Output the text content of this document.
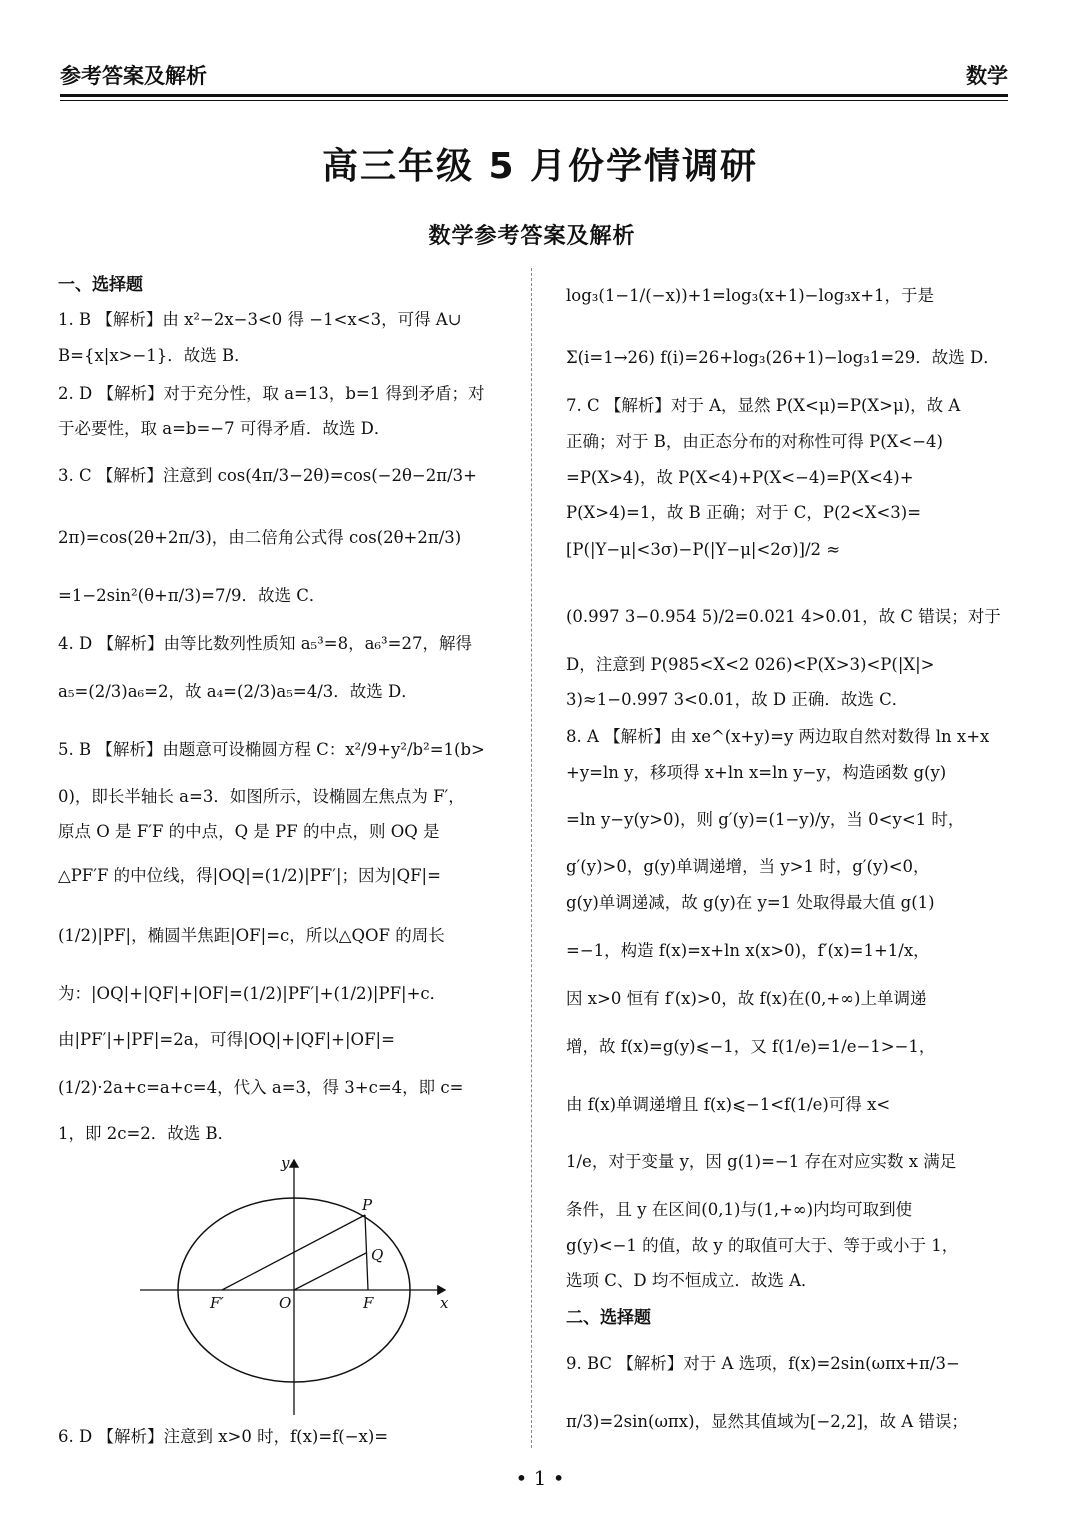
参考答案及解析	数学
高三年级 5 月份学情调研
数学参考答案及解析
一、选择题
1. B 【解析】由 x²−2x−3<0 得 −1<x<3，可得 A∪
B={x|x>−1}．故选 B．
2. D 【解析】对于充分性，取 a=13，b=1 得到矛盾；对
于必要性，取 a=b=−7 可得矛盾．故选 D．
3. C 【解析】注意到 cos(4π/3−2θ)=cos(−2θ−2π/3+
2π)=cos(2θ+2π/3)，由二倍角公式得 cos(2θ+2π/3)
=1−2sin²(θ+π/3)=7/9．故选 C．
4. D 【解析】由等比数列性质知 a₅³=8，a₆³=27，解得
a₅=(2/3)a₆=2，故 a₄=(2/3)a₅=4/3．故选 D．
5. B 【解析】由题意可设椭圆方程 C：x²/9+y²/b²=1(b>
0)，即长半轴长 a=3．如图所示，设椭圆左焦点为 F′，
原点 O 是 F′F 的中点，Q 是 PF 的中点，则 OQ 是
△PF′F 的中位线，得|OQ|=(1/2)|PF′|；因为|QF|=
(1/2)|PF|，椭圆半焦距|OF|=c，所以△QOF 的周长
为：|OQ|+|QF|+|OF|=(1/2)|PF′|+(1/2)|PF|+c．
由|PF′|+|PF|=2a，可得|OQ|+|QF|+|OF|=
(1/2)·2a+c=a+c=4，代入 a=3，得 3+c=4，即 c=
1，即 2c=2．故选 B．
6. D 【解析】注意到 x>0 时，f(x)=f(−x)=
y
x
P
Q
F′	O	F
log₃(1−1/(−x))+1=log₃(x+1)−log₃x+1，于是
Σ(i=1→26) f(i)=26+log₃(26+1)−log₃1=29．故选 D．
7. C 【解析】对于 A，显然 P(X<μ)=P(X>μ)，故 A
正确；对于 B，由正态分布的对称性可得 P(X<−4)
=P(X>4)，故 P(X<4)+P(X<−4)=P(X<4)+
P(X>4)=1，故 B 正确；对于 C，P(2<X<3)=
[P(|Y−μ|<3σ)−P(|Y−μ|<2σ)]/2 ≈
(0.997 3−0.954 5)/2=0.021 4>0.01，故 C 错误；对于
D，注意到 P(985<X<2 026)<P(X>3)<P(|X|>
3)≈1−0.997 3<0.01，故 D 正确．故选 C．
8. A 【解析】由 xe^(x+y)=y 两边取自然对数得 ln x+x
+y=ln y，移项得 x+ln x=ln y−y，构造函数 g(y)
=ln y−y(y>0)，则 g′(y)=(1−y)/y，当 0<y<1 时，
g′(y)>0，g(y)单调递增，当 y>1 时，g′(y)<0，
g(y)单调递减，故 g(y)在 y=1 处取得最大值 g(1)
=−1，构造 f(x)=x+ln x(x>0)，f′(x)=1+1/x，
因 x>0 恒有 f′(x)>0，故 f(x)在(0,+∞)上单调递
增，故 f(x)=g(y)⩽−1，又 f(1/e)=1/e−1>−1，
由 f(x)单调递增且 f(x)⩽−1<f(1/e)可得 x<
1/e，对于变量 y，因 g(1)=−1 存在对应实数 x 满足
条件，且 y 在区间(0,1)与(1,+∞)内均可取到使
g(y)<−1 的值，故 y 的取值可大于、等于或小于 1，
选项 C、D 均不恒成立．故选 A．
二、选择题
9. BC 【解析】对于 A 选项，f(x)=2sin(ωπx+π/3−
π/3)=2sin(ωπx)，显然其值域为[−2,2]，故 A 错误；
• 1 •
